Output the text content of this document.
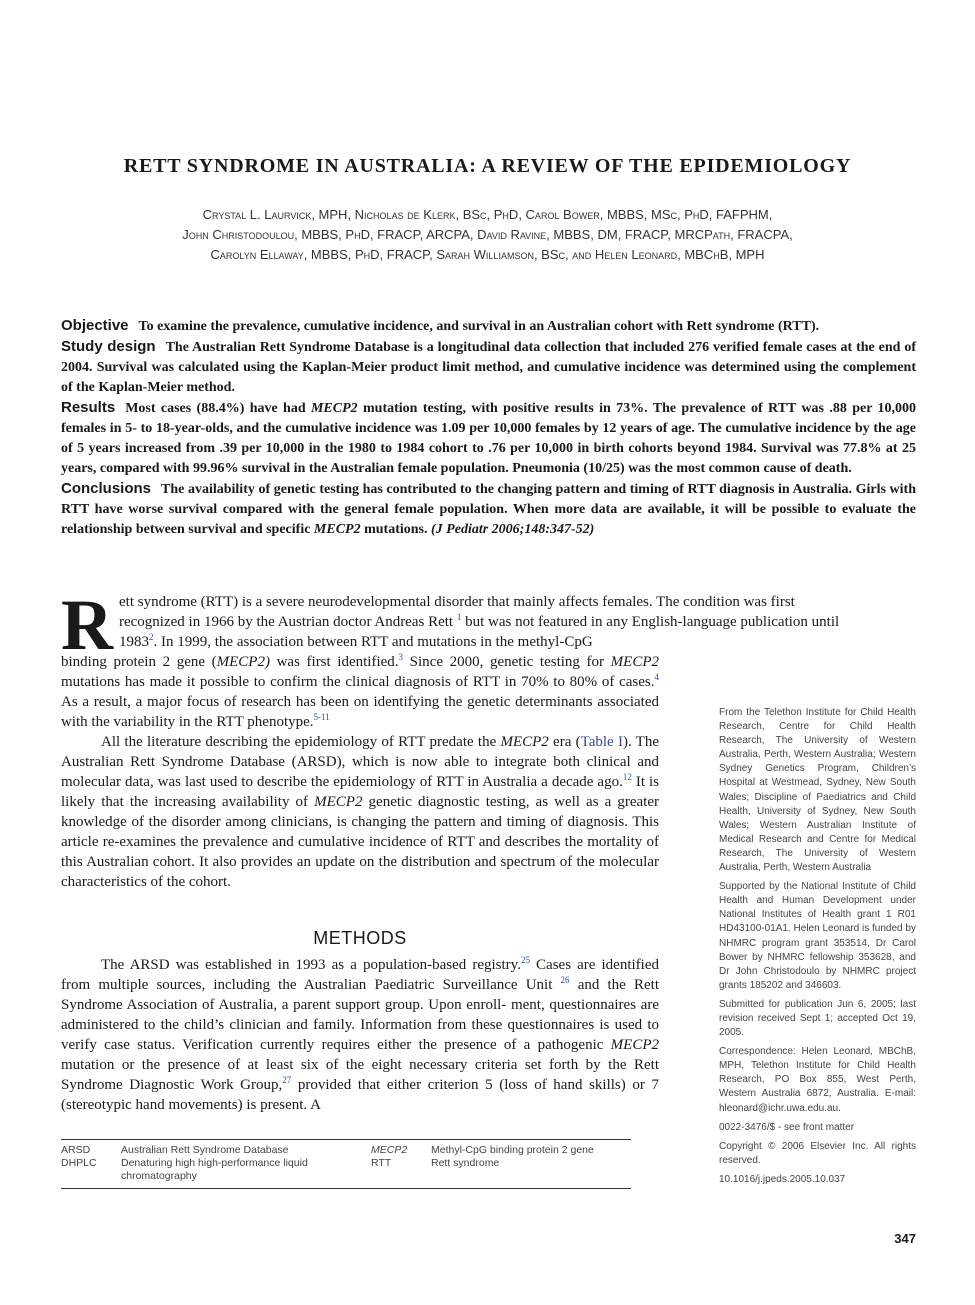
RETT SYNDROME IN AUSTRALIA: A REVIEW OF THE EPIDEMIOLOGY
Crystal L. Laurvick, MPH, Nicholas de Klerk, BSc, PhD, Carol Bower, MBBS, MSc, PhD, FAFPHM,
John Christodoulou, MBBS, PhD, FRACP, ARCPA, David Ravine, MBBS, DM, FRACP, MRCPath, FRACPA,
Carolyn Ellaway, MBBS, PhD, FRACP, Sarah Williamson, BSc, and Helen Leonard, MBChB, MPH

Objective To examine the prevalence, cumulative incidence, and survival in an Australian cohort with Rett syndrome (RTT).

Study design The Australian Rett Syndrome Database is a longitudinal data collection that included 276 verified female cases at the end of 2004. Survival was calculated using the Kaplan-Meier product limit method, and cumulative incidence was determined using the complement of the Kaplan-Meier method.

Results Most cases (88.4%) have had MECP2 mutation testing, with positive results in 73%. The prevalence of RTT was .88 per 10,000 females in 5- to 18-year-olds, and the cumulative incidence was 1.09 per 10,000 females by 12 years of age. The cumulative incidence by the age of 5 years increased from .39 per 10,000 in the 1980 to 1984 cohort to .76 per 10,000 in birth cohorts beyond 1984. Survival was 77.8% at 25 years, compared with 99.96% survival in the Australian female population. Pneumonia (10/25) was the most common cause of death.

Conclusions The availability of genetic testing has contributed to the changing pattern and timing of RTT diagnosis in Australia. Girls with RTT have worse survival compared with the general female population. When more data are available, it will be possible to evaluate the relationship between survival and specific MECP2 mutations. (J Pediatr 2006;148:347-52)

R ett syndrome (RTT) is a severe neurodevelopmental disorder that mainly affects females. The condition was first
recognized in 1966 by the Austrian doctor Andreas Rett $^1$ but was not featured in any English-language publication until
1983$^2$. In 1999, the association between RTT and mutations in the methyl-CpG

binding protein 2 gene (MECP2) was first identified.$^3$ Since 2000, genetic testing for MECP2 mutations has made it possible to confirm the clinical diagnosis of RTT in 70% to 80% of cases.$^4$ As a result, a major focus of research has been on identifying the genetic determinants associated with the variability in the RTT phenotype.$^{5-11}$

All the literature describing the epidemiology of RTT predate the MECP2 era (Table I). The Australian Rett Syndrome Database (ARSD), which is now able to integrate both clinical and molecular data, was last used to describe the epidemiology of RTT in Australia a decade ago.$^{12}$ It is likely that the increasing availability of MECP2 genetic diagnostic testing, as well as a greater knowledge of the disorder among clinicians, is changing the pattern and timing of diagnosis. This article re-examines the prevalence and cumulative incidence of RTT and describes the mortality of this Australian cohort. It also provides an update on the distribution and spectrum of the molecular characteristics of the cohort.

METHODS

The ARSD was established in 1993 as a population-based registry.$^{25}$ Cases are identified from multiple sources, including the Australian Paediatric Surveillance Unit $^{26}$ and the Rett Syndrome Association of Australia, a parent support group. Upon enroll- ment, questionnaires are administered to the child’s clinician and family. Information from these questionnaires is used to verify case status. Verification currently requires either the presence of a pathogenic MECP2 mutation or the presence of at least six of the eight necessary criteria set forth by the Rett Syndrome Diagnostic Work Group,$^{27}$ provided that either criterion 5 (loss of hand skills) or 7 (stereotypic hand movements) is present. A

From the Telethon Institute for Child Health Research, Centre for Child Health Research, The University of Western Australia, Perth, Western Australia; Western Sydney Genetics Program, Children’s Hospital at Westmead, Sydney, New South Wales; Discipline of Paediatrics and Child Health, University of Sydney, New South Wales; Western Australian Institute of Medical Research and Centre for Medical Research, The University of Western Australia, Perth, Western Australia

Supported by the National Institute of Child Health and Human Development under National Institutes of Health grant 1 R01 HD43100-01A1. Helen Leonard is funded by NHMRC program grant 353514, Dr Carol Bower by NHMRC fellowship 353628, and Dr John Christodoulo by NHMRC project grants 185202 and 346603.

Submitted for publication Jun 6, 2005; last revision received Sept 1; accepted Oct 19, 2005.

Correspondence: Helen Leonard, MBChB, MPH, Telethon Institute for Child Health Research, PO Box 855, West Perth, Western Australia 6872, Australia. E-mail: hleonard@ichr.uwa.edu.au.

0022-3476/$ - see front matter

Copyright © 2006 Elsevier Inc. All rights reserved.

10.1016/j.jpeds.2005.10.037

ARSD	Australian Rett Syndrome Database
DHPLC	Denaturing high high-performance liquid chromatography
MECP2	Methyl-CpG binding protein 2 gene
RTT	Rett syndrome
347
